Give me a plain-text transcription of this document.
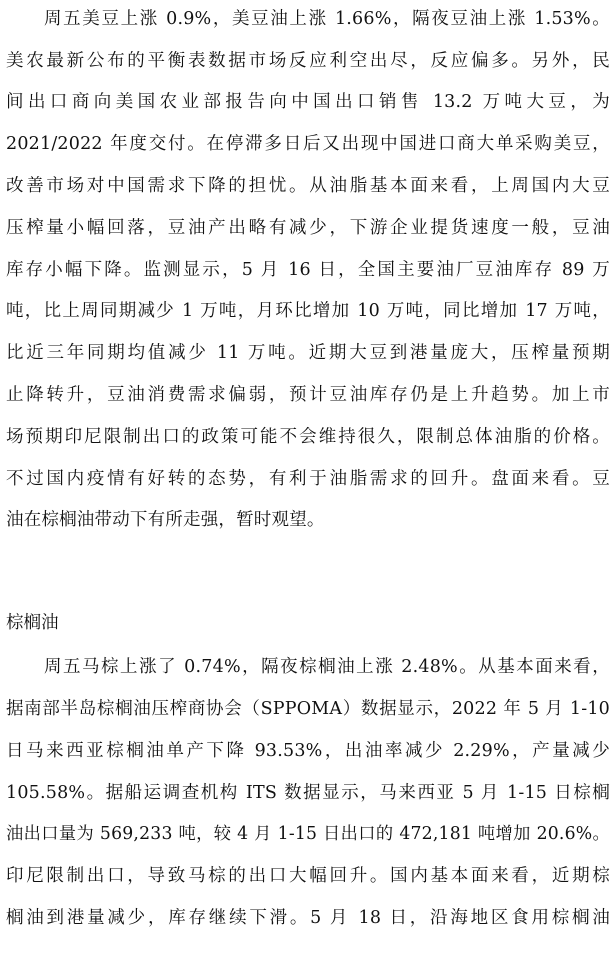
周五美豆上涨 0.9%，美豆油上涨 1.66%，隔夜豆油上涨 1.53%。
美农最新公布的平衡表数据市场反应利空出尽，反应偏多。另外，民
间出口商向美国农业部报告向中国出口销售 13.2 万吨大豆，为
2021/2022 年度交付。在停滞多日后又出现中国进口商大单采购美豆，
改善市场对中国需求下降的担忧。从油脂基本面来看，上周国内大豆
压榨量小幅回落，豆油产出略有减少，下游企业提货速度一般，豆油
库存小幅下降。监测显示，5 月 16 日，全国主要油厂豆油库存 89 万
吨，比上周同期减少 1 万吨，月环比增加 10 万吨，同比增加 17 万吨，
比近三年同期均值减少 11 万吨。近期大豆到港量庞大，压榨量预期
止降转升，豆油消费需求偏弱，预计豆油库存仍是上升趋势。加上市
场预期印尼限制出口的政策可能不会维持很久，限制总体油脂的价格。
不过国内疫情有好转的态势，有利于油脂需求的回升。盘面来看。豆
油在棕榈油带动下有所走强，暂时观望。
棕榈油
周五马棕上涨了 0.74%，隔夜棕榈油上涨 2.48%。从基本面来看，
据南部半岛棕榈油压榨商协会（SPPOMA）数据显示，2022 年 5 月 1-10
日马来西亚棕榈油单产下降 93.53%，出油率减少 2.29%，产量减少
105.58%。据船运调查机构 ITS 数据显示，马来西亚 5 月 1-15 日棕榈
油出口量为 569,233 吨，较 4 月 1-15 日出口的 472,181 吨增加 20.6%。
印尼限制出口，导致马棕的出口大幅回升。国内基本面来看，近期棕
榈油到港量减少，库存继续下滑。5 月 18 日，沿海地区食用棕榈油
